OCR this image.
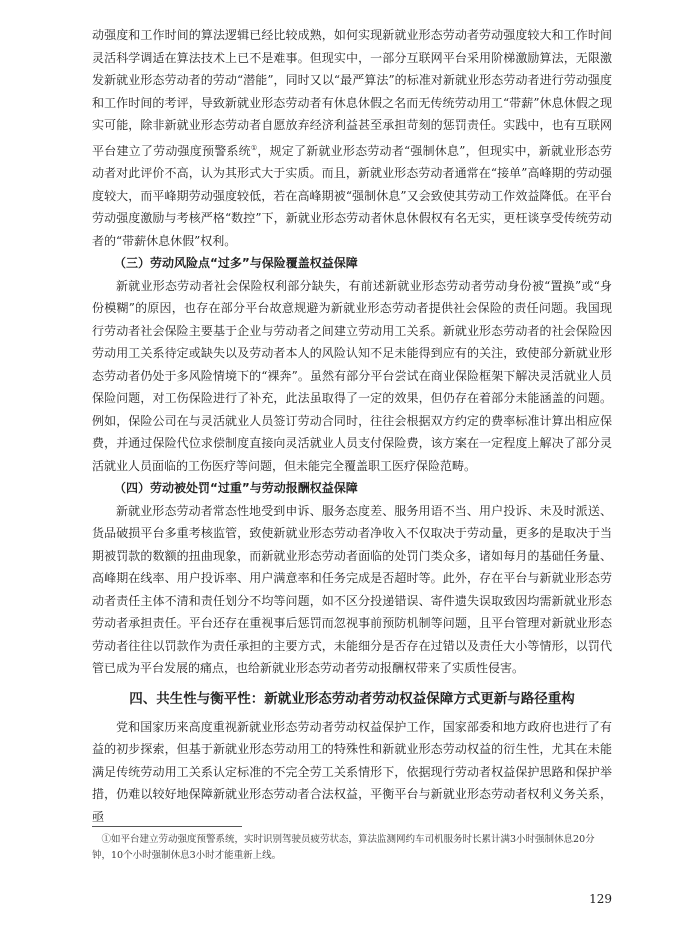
动强度和工作时间的算法逻辑已经比较成熟，如何实现新就业形态劳动者劳动强度较大和工作时间灵活科学调适在算法技术上已不是难事。但现实中，一部分互联网平台采用阶梯激励算法，无限激发新就业形态劳动者的劳动“潜能”，同时又以“最严算法”的标准对新就业形态劳动者进行劳动强度和工作时间的考评，导致新就业形态劳动者有休息休假之名而无传统劳动用工“带薪”休息休假之现实可能，除非新就业形态劳动者自愿放弃经济利益甚至承担苛刻的惩罚责任。实践中，也有互联网平台建立了劳动强度预警系统①，规定了新就业形态劳动者“强制休息”，但现实中，新就业形态劳动者对此评价不高，认为其形式大于实质。而且，新就业形态劳动者通常在“接单”高峰期的劳动强度较大，而平峰期劳动强度较低，若在高峰期被“强制休息”又会致使其劳动工作效益降低。在平台劳动强度激励与考核严格“数控”下，新就业形态劳动者休息休假权有名无实，更枉谈享受传统劳动者的“带薪休息休假”权利。

（三）劳动风险点“过多”与保险覆盖权益保障

新就业形态劳动者社会保险权利部分缺失，有前述新就业形态劳动者劳动身份被“置换”或“身份模糊”的原因，也存在部分平台故意规避为新就业形态劳动者提供社会保险的责任问题。我国现行劳动者社会保险主要基于企业与劳动者之间建立劳动用工关系。新就业形态劳动者的社会保险因劳动用工关系待定或缺失以及劳动者本人的风险认知不足未能得到应有的关注，致使部分新就业形态劳动者仍处于多风险情境下的“裸奔”。虽然有部分平台尝试在商业保险框架下解决灵活就业人员保险问题，对工伤保险进行了补充，此法虽取得了一定的效果，但仍存在着部分未能涵盖的问题。例如，保险公司在与灵活就业人员签订劳动合同时，往往会根据双方约定的费率标准计算出相应保费，并通过保险代位求偿制度直接向灵活就业人员支付保险费，该方案在一定程度上解决了部分灵活就业人员面临的工伤医疗等问题，但未能完全覆盖职工医疗保险范畴。

（四）劳动被处罚“过重”与劳动报酬权益保障

新就业形态劳动者常态性地受到申诉、服务态度差、服务用语不当、用户投诉、未及时派送、货品破损平台多重考核监管，致使新就业形态劳动者净收入不仅取决于劳动量，更多的是取决于当期被罚款的数额的扭曲现象，而新就业形态劳动者面临的处罚门类众多，诸如每月的基础任务量、高峰期在线率、用户投诉率、用户满意率和任务完成是否超时等。此外，存在平台与新就业形态劳动者责任主体不清和责任划分不均等问题，如不区分投递错误、寄件遗失误取致因均需新就业形态劳动者承担责任。平台还存在重视事后惩罚而忽视事前预防机制等问题，且平台管理对新就业形态劳动者往往以罚款作为责任承担的主要方式，未能细分是否存在过错以及责任大小等情形，以罚代管已成为平台发展的痛点，也给新就业形态劳动者劳动报酬权带来了实质性侵害。

四、共生性与衡平性：新就业形态劳动者劳动权益保障方式更新与路径重构

党和国家历来高度重视新就业形态劳动者劳动权益保护工作，国家部委和地方政府也进行了有益的初步探索，但基于新就业形态劳动用工的特殊性和新就业形态劳动权益的衍生性，尤其在未能满足传统劳动用工关系认定标准的不完全劳工关系情形下，依据现行劳动者权益保护思路和保护举措，仍难以较好地保障新就业形态劳动者合法权益，平衡平台与新就业形态劳动者权利义务关系，亟

①如平台建立劳动强度预警系统，实时识别驾驶员疲劳状态，算法监测网约车司机服务时长累计满3小时强制休息20分钟，10个小时强制休息3小时才能重新上线。
129
